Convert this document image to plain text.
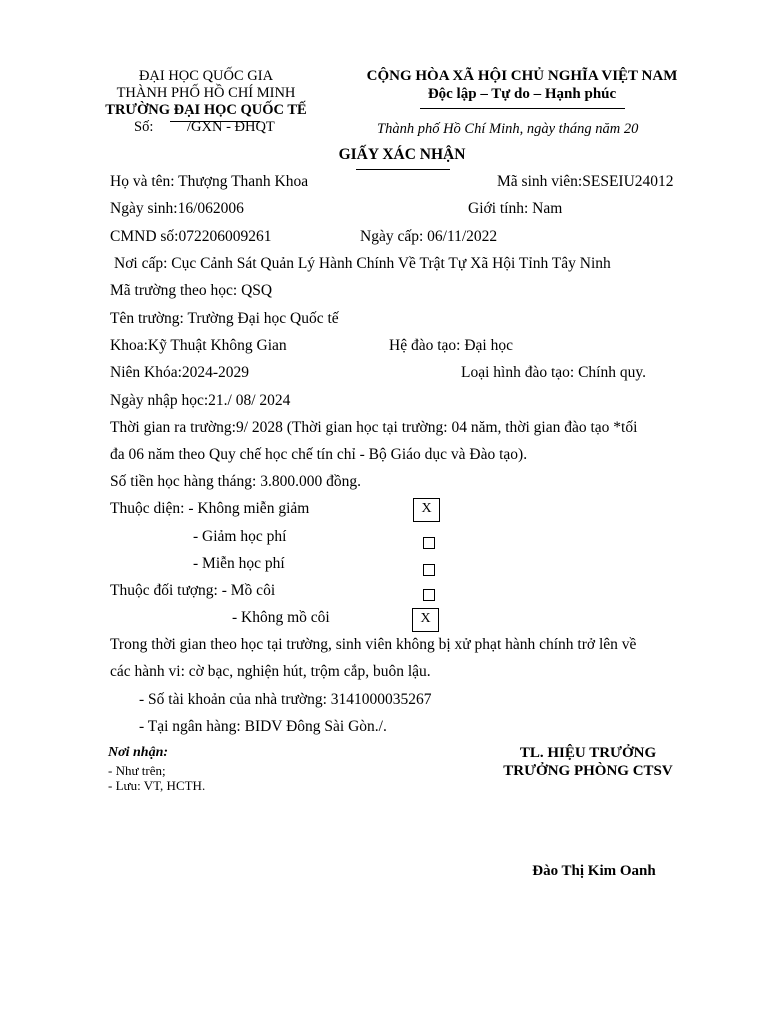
ĐẠI HỌC QUỐC GIA
THÀNH PHỐ HỒ CHÍ MINH
TRƯỜNG ĐẠI HỌC QUỐC TẾ
Số: /GXN - ĐHQT
CỘNG HÒA XÃ HỘI CHỦ NGHĨA VIỆT NAM
Độc lập – Tự do – Hạnh phúc
Thành phố Hồ Chí Minh, ngày tháng năm 20
GIẤY XÁC NHẬN
Họ và tên: Thượng Thanh Khoa	Mã sinh viên:SESEIU24012
Ngày sinh:16/062006	Giới tính: Nam
CMND số:072206009261	Ngày cấp: 06/11/2022
Nơi cấp: Cục Cảnh Sát Quản Lý Hành Chính Về Trật Tự Xã Hội Tỉnh Tây Ninh
Mã trường theo học: QSQ
Tên trường: Trường Đại học Quốc tế
Khoa:Kỹ Thuật Không Gian	Hệ đào tạo: Đại học
Niên Khóa:2024-2029	Loại hình đào tạo: Chính quy.
Ngày nhập học:21./ 08/ 2024
Thời gian ra trường:9/ 2028 (Thời gian học tại trường: 04 năm, thời gian đào tạo *tối
đa 06 năm theo Quy chế học chế tín chỉ - Bộ Giáo dục và Đào tạo).
Số tiền học hàng tháng: 3.800.000 đồng.
Thuộc diện: - Không miễn giảm	X
- Giảm học phí
- Miễn học phí
Thuộc đối tượng: - Mồ côi
- Không mồ côi	X
Trong thời gian theo học tại trường, sinh viên không bị xử phạt hành chính trở lên về
các hành vi: cờ bạc, nghiện hút, trộm cắp, buôn lậu.
- Số tài khoản của nhà trường: 3141000035267
- Tại ngân hàng: BIDV Đông Sài Gòn./.
Nơi nhận:
- Như trên;
- Lưu: VT, HCTH.
TL. HIỆU TRƯỞNG
TRƯỞNG PHÒNG CTSV
Đào Thị Kim Oanh
